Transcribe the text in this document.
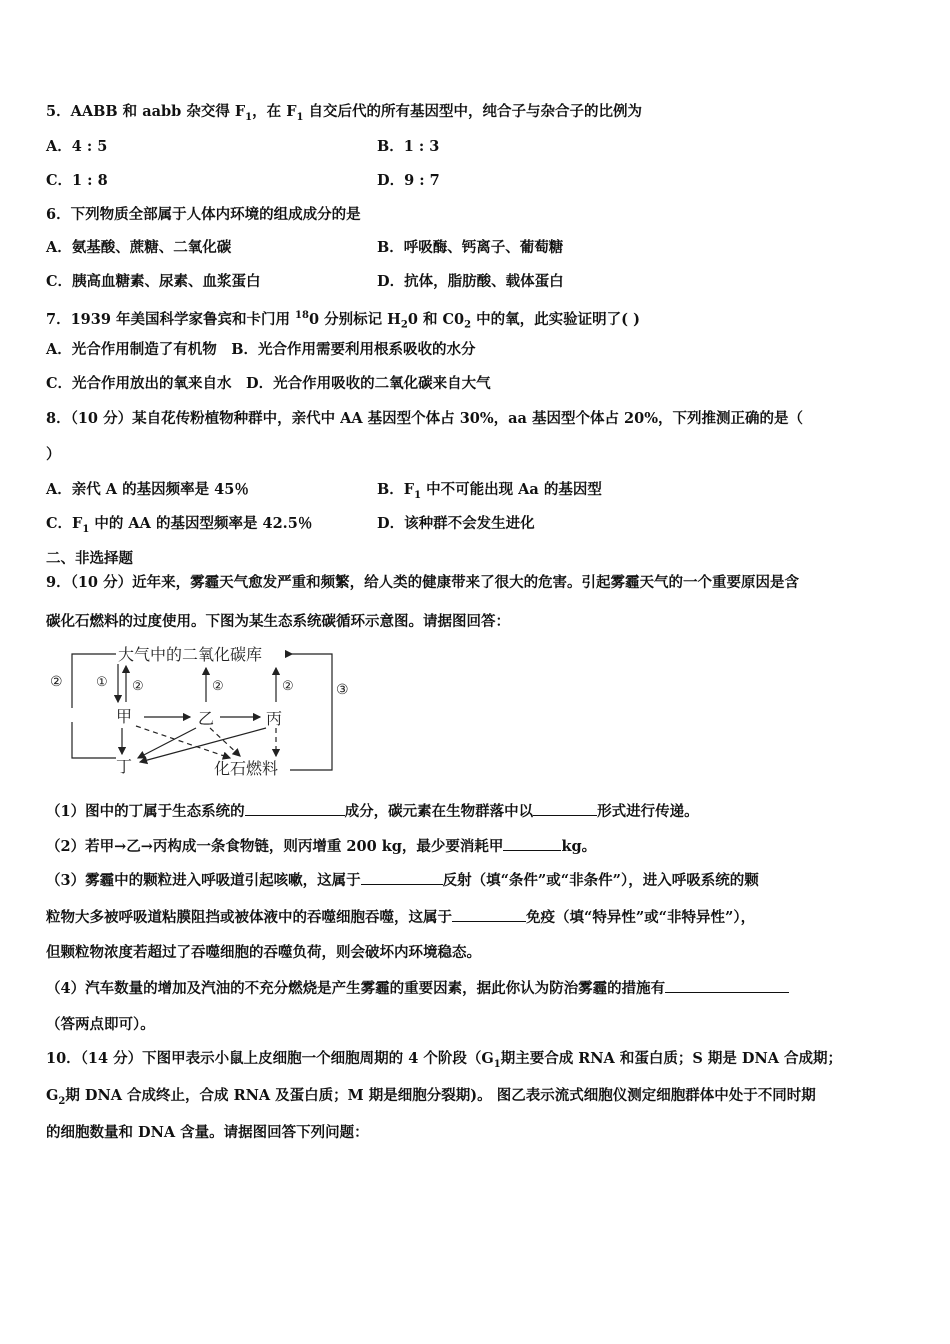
5．AABB 和 aabb 杂交得 $F_1$，在 $F_1$ 自交后代的所有基因型中，纯合子与杂合子的比例为
A．4 : 5	B．1 : 3
C．1 : 8	D．9 : 7
6．下列物质全部属于人体内环境的组成成分的是
A．氨基酸、蔗糖、二氧化碳	B．呼吸酶、钙离子、葡萄糖
C．胰高血糖素、尿素、血浆蛋白	D．抗体，脂肪酸、载体蛋白
7．1939 年美国科学家鲁宾和卡门用 $^{18}$0 分别标记 $H_20$ 和 $C0_2$ 中的氧，此实验证明了( )
A．光合作用制造了有机物　B．光合作用需要利用根系吸收的水分
C．光合作用放出的氧来自水　D．光合作用吸收的二氧化碳来自大气
8．（10 分）某自花传粉植物种群中，亲代中 AA 基因型个体占 30%，aa 基因型个体占 20%，下列推测正确的是（
）
A．亲代 A 的基因频率是 45％	B．$F_1$ 中不可能出现 Aa 的基因型
C．$F_1$ 中的 AA 的基因型频率是 42.5％	D．该种群不会发生进化
二、非选择题
9．（10 分）近年来，雾霾天气愈发严重和频繁，给人类的健康带来了很大的危害。引起雾霾天气的一个重要原因是含
碳化石燃料的过度使用。下图为某生态系统碳循环示意图。请据图回答：
大气中的二氧化碳库
②	③
① ②	②	②
甲	乙	丙
丁	化石燃料
（1）图中的丁属于生态系统的	成分，碳元素在生物群落中以	形式进行传递。
（2）若甲→乙→丙构成一条食物链，则丙增重 200 kg，最少要消耗甲	kg。
（3）雾霾中的颗粒进入呼吸道引起咳嗽，这属于	反射（填“条件”或“非条件”），进入呼吸系统的颗
粒物大多被呼吸道粘膜阻挡或被体液中的吞噬细胞吞噬，这属于	免疫（填“特异性”或“非特异性”），
但颗粒物浓度若超过了吞噬细胞的吞噬负荷，则会破坏内环境稳态。
（4）汽车数量的增加及汽油的不充分燃烧是产生雾霾的重要因素，据此你认为防治雾霾的措施有
（答两点即可）。
10．（14 分）下图甲表示小鼠上皮细胞一个细胞周期的 4 个阶段（$G_1$期主要合成 RNA 和蛋白质；S 期是 DNA 合成期；
$G_2$期 DNA 合成终止，合成 RNA 及蛋白质；M 期是细胞分裂期)。 图乙表示流式细胞仪测定细胞群体中处于不同时期
的细胞数量和 DNA 含量。请据图回答下列问题：
